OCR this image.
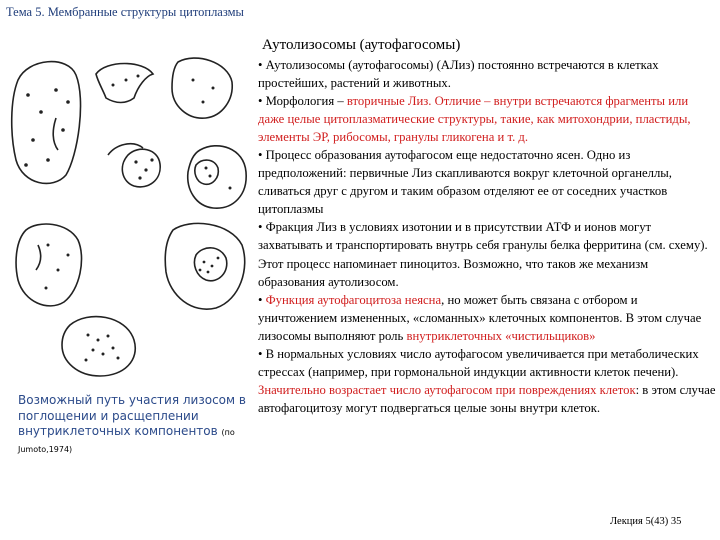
Тема 5. Мембранные структуры цитоплазмы
Возможный путь участия лизосом в поглощении и расщеплении внутриклеточных компонентов (по Jumoto,1974)
Аутолизосомы (аутофагосомы)

• Аутолизосомы (аутофагосомы) (АЛиз) постоянно встречаются в клетках простейших, растений и животных.

• Морфология – вторичные Лиз. Отличие – внутри встречаются фрагменты или даже целые цитоплазматические структуры, такие, как митохондрии, пластиды, элементы ЭР, рибосомы, гранулы гликогена и т. д.

• Процесс образования аутофагосом еще недостаточно ясен. Одно из предположений: первичные Лиз скапливаются вокруг клеточной органеллы, сливаться друг с другом и таким образом отделяют ее от соседних участков цитоплазмы

• Фракция Лиз в условиях изотонии и в присутствии АТФ и ионов могут захватывать и транспортировать внутрь себя гранулы белка ферритина (см. схему). Этот процесс напоминает пиноцитоз. Возможно, что таков же механизм образования аутолизосом.

• Функция аутофагоцитоза неясна, но может быть связана с отбором и уничтожением измененных, «сломанных» клеточных компонентов. В этом случае лизосомы выполняют роль внутриклеточных «чистильщиков»

• В нормальных условиях число аутофагосом увеличивается при метаболических стрессах (например, при гормональной индукции активности клеток печени). Значительно возрастает число аутофагосом при повреждениях клеток: в этом случае автофагоцитозу могут подвергаться целые зоны внутри клеток.

Лекция 5(43) 35
